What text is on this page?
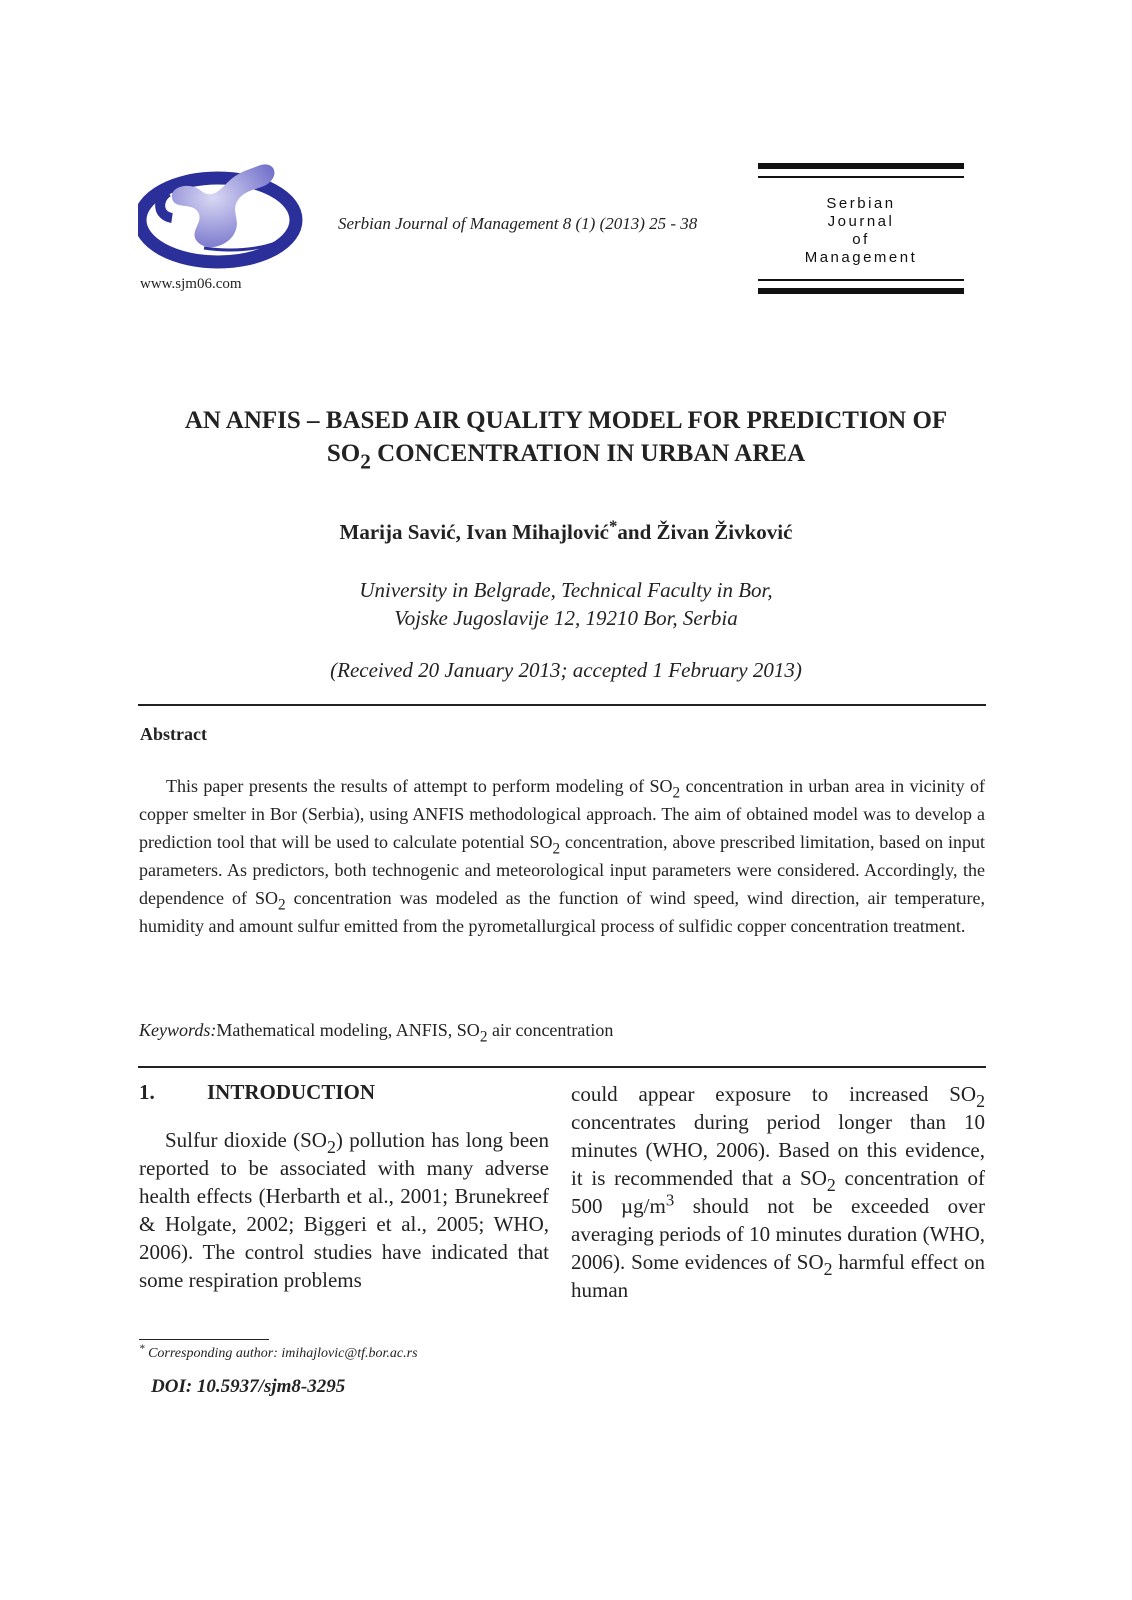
www.sjm06.com
Serbian Journal of Management 8 (1) (2013) 25 - 38
Serbian
Journal
of
Management
AN ANFIS – BASED AIR QUALITY MODEL FOR PREDICTION OF
$SO_2$ CONCENTRATION IN URBAN AREA
Marija Savić, Ivan Mihajlović*and Živan Živković
University in Belgrade, Technical Faculty in Bor,
Vojske Jugoslavije 12, 19210 Bor, Serbia
(Received 20 January 2013; accepted 1 February 2013)
Abstract

This paper presents the results of attempt to perform modeling of $SO_2$ concentration in urban area in vicinity of copper smelter in Bor (Serbia), using ANFIS methodological approach. The aim of obtained model was to develop a prediction tool that will be used to calculate potential $SO_2$ concentration, above prescribed limitation, based on input parameters. As predictors, both technogenic and meteorological input parameters were considered. Accordingly, the dependence of $SO_2$ concentration was modeled as the function of wind speed, wind direction, air temperature, humidity and amount sulfur emitted from the pyrometallurgical process of sulfidic copper concentration treatment.

Keywords:Mathematical modeling, ANFIS, $SO_2$ air concentration
1. INTRODUCTION

Sulfur dioxide $(SO_2)$ pollution has long been reported to be associated with many adverse health effects (Herbarth et al., 2001; Brunekreef & Holgate, 2002; Biggeri et al., 2005; WHO, 2006). The control studies have indicated that some respiration problems

could appear exposure to increased $SO_2$ concentrates during period longer than 10 minutes (WHO, 2006). Based on this evidence, it is recommended that a $SO_2$ concentration of 500 $\mu g/m^3$ should not be exceeded over averaging periods of 10 minutes duration (WHO, 2006). Some evidences of $SO_2$ harmful effect on human

* Corresponding author: imihajlovic@tf.bor.ac.rs
DOI: 10.5937/sjm8-3295
